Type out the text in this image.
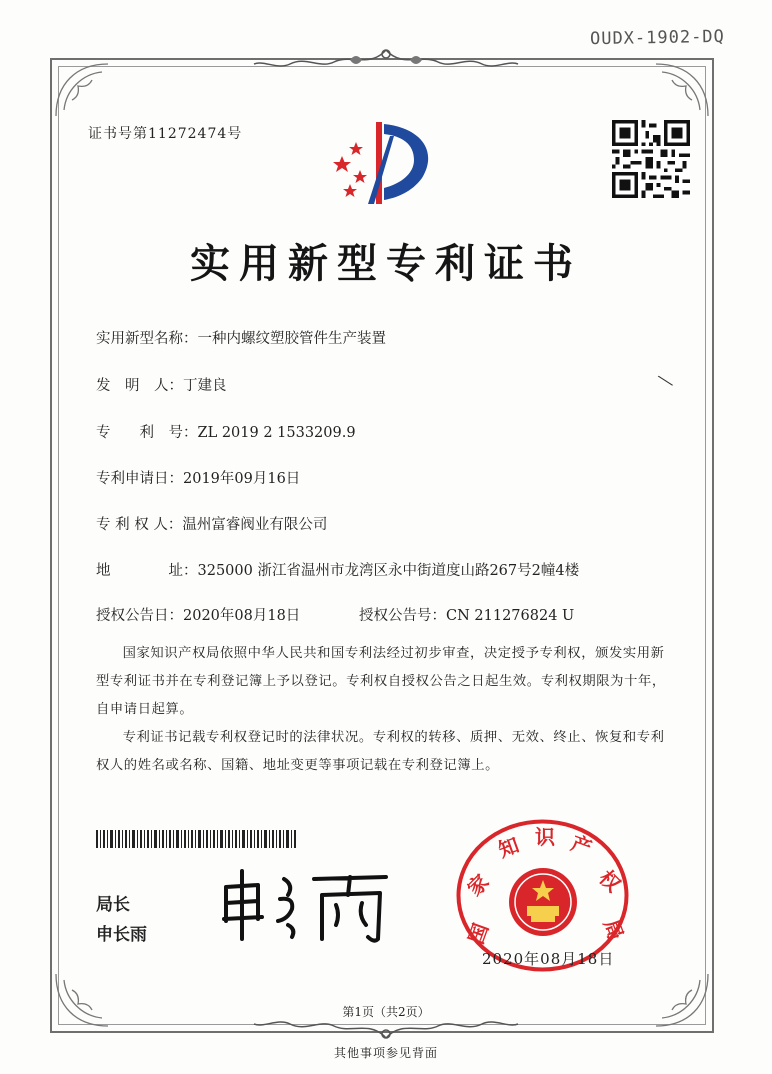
OUDX-1902-DQ
证书号第11272474号
实用新型专利证书
实用新型名称：一种内螺纹塑胶管件生产装置
发　明　人：丁建良
专　　利　号：ZL 2019 2 1533209.9
专利申请日：2019年09月16日
专 利 权 人：温州富睿阀业有限公司
地　　　　址：325000 浙江省温州市龙湾区永中街道度山路267号2幢4楼
授权公告日：2020年08月18日	授权公告号：CN 211276824 U
╲

国家知识产权局依照中华人民共和国专利法经过初步审查，决定授予专利权，颁发实用新型专利证书并在专利登记簿上予以登记。专利权自授权公告之日起生效。专利权期限为十年，自申请日起算。

专利证书记载专利权登记时的法律状况。专利权的转移、质押、无效、终止、恢复和专利权人的姓名或名称、国籍、地址变更等事项记载在专利登记簿上。

局长
申长雨	国
家
知 识 产
权
局
2020年08月18日
第1页（共2页）
其他事项参见背面
